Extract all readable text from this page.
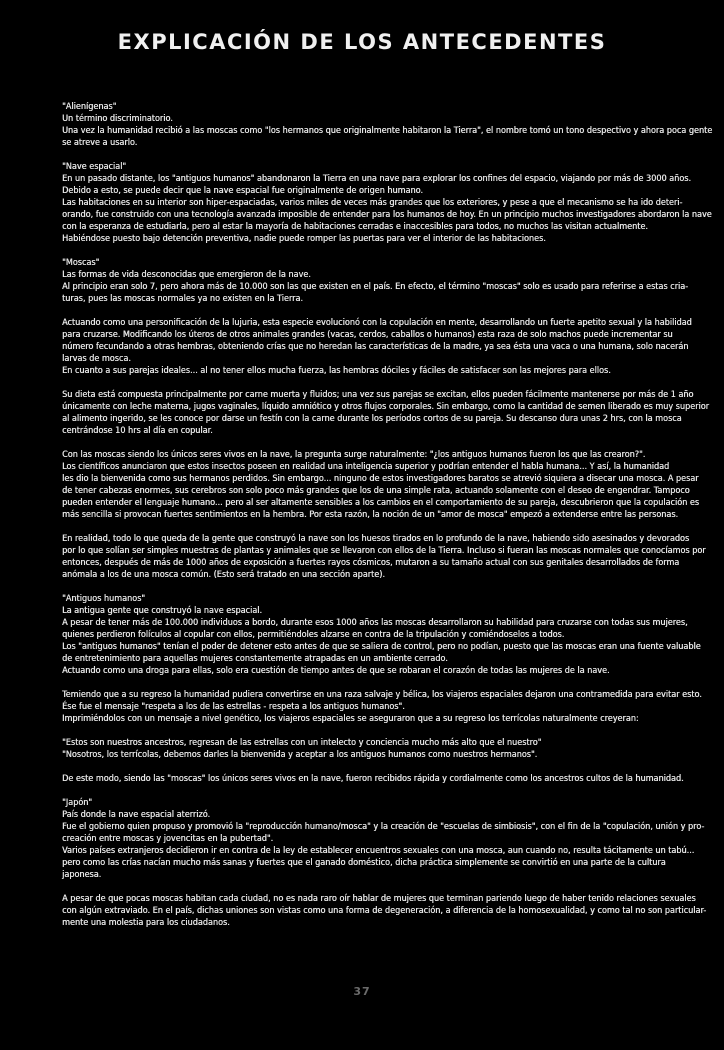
EXPLICACIÓN DE LOS ANTECEDENTES
"Alienígenas"
Un término discriminatorio.
Una vez la humanidad recibió a las moscas como "los hermanos que originalmente habitaron la Tierra", el nombre tomó un tono despectivo y ahora poca gente
se atreve a usarlo.
"Nave espacial"
En un pasado distante, los "antiguos humanos" abandonaron la Tierra en una nave para explorar los confines del espacio, viajando por más de 3000 años.
Debido a esto, se puede decir que la nave espacial fue originalmente de origen humano.
Las habitaciones en su interior son hiper-espaciadas, varios miles de veces más grandes que los exteriores, y pese a que el mecanismo se ha ido deteri-
orando, fue construido con una tecnología avanzada imposible de entender para los humanos de hoy. En un principio muchos investigadores abordaron la nave
con la esperanza de estudiarla, pero al estar la mayoría de habitaciones cerradas e inaccesibles para todos, no muchos las visitan actualmente.
Habiéndose puesto bajo detención preventiva, nadie puede romper las puertas para ver el interior de las habitaciones.
"Moscas"
Las formas de vida desconocidas que emergieron de la nave.
Al principio eran solo 7, pero ahora más de 10.000 son las que existen en el país. En efecto, el término "moscas" solo es usado para referirse a estas cria-
turas, pues las moscas normales ya no existen en la Tierra.
Actuando como una personificación de la lujuria, esta especie evolucionó con la copulación en mente, desarrollando un fuerte apetito sexual y la habilidad
para cruzarse. Modificando los úteros de otros animales grandes (vacas, cerdos, caballos o humanos) esta raza de solo machos puede incrementar su
número fecundando a otras hembras, obteniendo crías que no heredan las características de la madre, ya sea ésta una vaca o una humana, solo nacerán
larvas de mosca.
En cuanto a sus parejas ideales... al no tener ellos mucha fuerza, las hembras dóciles y fáciles de satisfacer son las mejores para ellos.
Su dieta está compuesta principalmente por carne muerta y fluidos; una vez sus parejas se excitan, ellos pueden fácilmente mantenerse por más de 1 año
únicamente con leche materna, jugos vaginales, líquido amniótico y otros flujos corporales. Sin embargo, como la cantidad de semen liberado es muy superior
al alimento ingerido, se les conoce por darse un festín con la carne durante los períodos cortos de su pareja. Su descanso dura unas 2 hrs, con la mosca
centrándose 10 hrs al día en copular.
Con las moscas siendo los únicos seres vivos en la nave, la pregunta surge naturalmente: "¿los antiguos humanos fueron los que las crearon?".
Los científicos anunciaron que estos insectos poseen en realidad una inteligencia superior y podrían entender el habla humana... Y así, la humanidad
les dio la bienvenida como sus hermanos perdidos. Sin embargo... ninguno de estos investigadores baratos se atrevió siquiera a disecar una mosca. A pesar
de tener cabezas enormes, sus cerebros son solo poco más grandes que los de una simple rata, actuando solamente con el deseo de engendrar. Tampoco
pueden entender el lenguaje humano... pero al ser altamente sensibles a los cambios en el comportamiento de su pareja, descubrieron que la copulación es
más sencilla si provocan fuertes sentimientos en la hembra. Por esta razón, la noción de un "amor de mosca" empezó a extenderse entre las personas.
En realidad, todo lo que queda de la gente que construyó la nave son los huesos tirados en lo profundo de la nave, habiendo sido asesinados y devorados
por lo que solían ser simples muestras de plantas y animales que se llevaron con ellos de la Tierra. Incluso si fueran las moscas normales que conocíamos por
entonces, después de más de 1000 años de exposición a fuertes rayos cósmicos, mutaron a su tamaño actual con sus genitales desarrollados de forma
anómala a los de una mosca común. (Esto será tratado en una sección aparte).
"Antiguos humanos"
La antigua gente que construyó la nave espacial.
A pesar de tener más de 100.000 individuos a bordo, durante esos 1000 años las moscas desarrollaron su habilidad para cruzarse con todas sus mujeres,
quienes perdieron folículos al copular con ellos, permitiéndoles alzarse en contra de la tripulación y comiéndoselos a todos.
Los "antiguos humanos" tenían el poder de detener esto antes de que se saliera de control, pero no podían, puesto que las moscas eran una fuente valuable
de entretenimiento para aquellas mujeres constantemente atrapadas en un ambiente cerrado.
Actuando como una droga para ellas, solo era cuestión de tiempo antes de que se robaran el corazón de todas las mujeres de la nave.
Temiendo que a su regreso la humanidad pudiera convertirse en una raza salvaje y bélica, los viajeros espaciales dejaron una contramedida para evitar esto.
Ése fue el mensaje "respeta a los de las estrellas - respeta a los antiguos humanos".
Imprimiéndolos con un mensaje a nivel genético, los viajeros espaciales se aseguraron que a su regreso los terrícolas naturalmente creyeran:
"Estos son nuestros ancestros, regresan de las estrellas con un intelecto y conciencia mucho más alto que el nuestro"
"Nosotros, los terrícolas, debemos darles la bienvenida y aceptar a los antiguos humanos como nuestros hermanos".
De este modo, siendo las "moscas" los únicos seres vivos en la nave, fueron recibidos rápida y cordialmente como los ancestros cultos de la humanidad.
"Japón"
País donde la nave espacial aterrizó.
Fue el gobierno quien propuso y promovió la "reproducción humano/mosca" y la creación de "escuelas de simbiosis", con el fin de la "copulación, unión y pro-
creación entre moscas y jovencitas en la pubertad".
Varios países extranjeros decidieron ir en contra de la ley de establecer encuentros sexuales con una mosca, aun cuando no, resulta tácitamente un tabú...
pero como las crías nacían mucho más sanas y fuertes que el ganado doméstico, dicha práctica simplemente se convirtió en una parte de la cultura
japonesa.
A pesar de que pocas moscas habitan cada ciudad, no es nada raro oír hablar de mujeres que terminan pariendo luego de haber tenido relaciones sexuales
con algún extraviado. En el país, dichas uniones son vistas como una forma de degeneración, a diferencia de la homosexualidad, y como tal no son particular-
mente una molestia para los ciudadanos.
37
